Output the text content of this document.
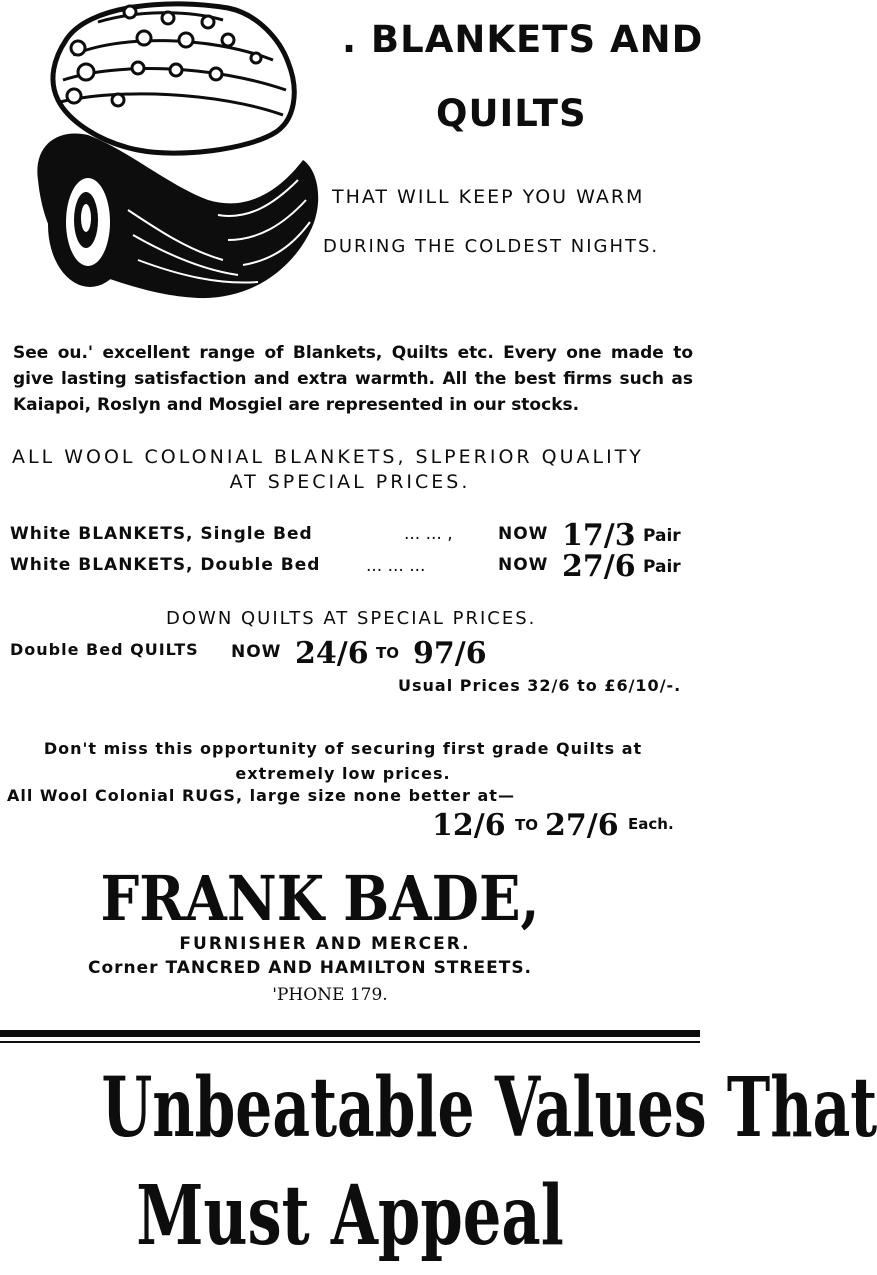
. BLANKETS AND
QUILTS
THAT WILL KEEP YOU WARM
DURING THE COLDEST NIGHTS.
See ou.' excellent range of Blankets, Quilts etc. Every one made to give lasting satisfaction and extra warmth. All the best firms such as Kaiapoi, Roslyn and Mosgiel are represented in our stocks.
ALL WOOL COLONIAL BLANKETS, SLPERIOR QUALITY
AT SPECIAL PRICES.
White BLANKETS, Single Bed	... ... ,	NOW 17/3 Pair
White BLANKETS, Double Bed	... ... ...	NOW 27/6 Pair
DOWN QUILTS AT SPECIAL PRICES.
Double Bed QUILTS NOW 24/6 TO 97/6
Usual Prices 32/6 to £6/10/-.
Don't miss this opportunity of securing first grade Quilts at extremely low prices.
All Wool Colonial RUGS, large size none better at—
12/6 TO 27/6 Each.
FRANK BADE,
FURNISHER AND MERCER.
Corner TANCRED AND HAMILTON STREETS.
'PHONE 179.
Unbeatable Values That
Must Appeal
